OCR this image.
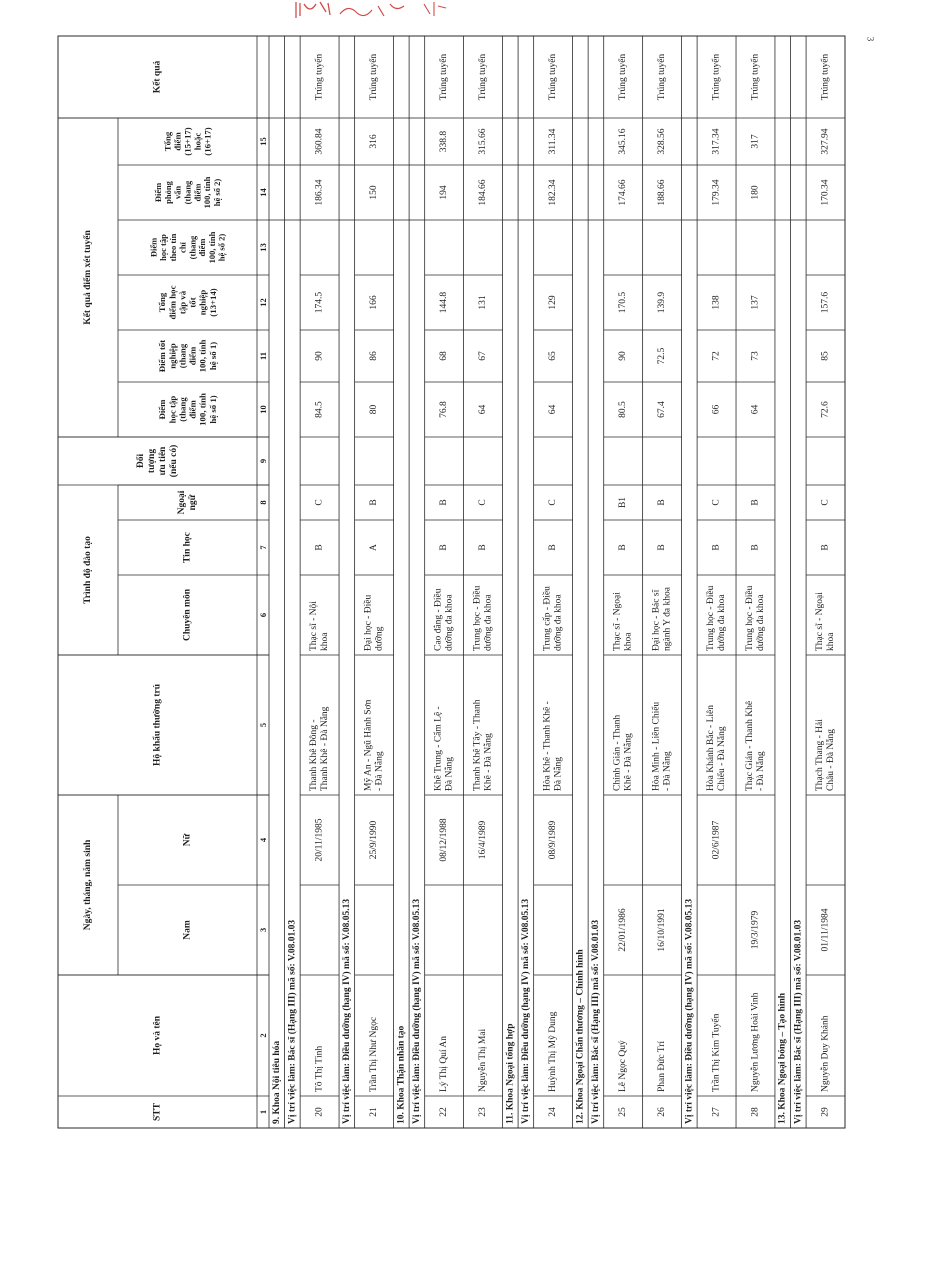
3
STT
Họ và tên
Ngày, tháng, năm sinh	Nam
Nữ
Hộ khẩu thường trú
Trình độ đào tạo
Chuyên môn
Tin học
Ngoại ngữ
Đối tượng ưu tiên (nếu có)
Kết quả điểm xét tuyển
Điểm học tập (thang điểm 100, tính hệ số 1)
Điểm tốt nghiệp (thang điểm 100, tính hệ số 1)
Tổng điểm học tập và tốt nghiệp (13+14)
Điểm học tập theo tín chỉ (thang điểm 100, tính hệ số 2)
Điểm phỏng vấn (thang điểm 100, tính hệ số 2)
Tổng điểm (15+17) hoặc (16+17)
Kết quả
1
2
3
4
5
6
7
8
9
10
11
12
13
14
15
9. Khoa Nội tiêu hóa Vị trí việc làm: Bác sĩ (Hạng III) mã số: V.08.01.03 20
Tô Thị Tình
20/11/1985
Thanh Khê Đông - Thanh Khê - Đà Nẵng
Thạc sĩ - Nội khoa
B
C
84.5
90
174.5
186.34
360.84
Trúng tuyển
Vị trí việc làm: Điều dưỡng (hạng IV) mã số: V.08.05.13 21
Trần Thị Như Ngọc
25/9/1990
Mỹ An - Ngũ Hành Sơn - Đà Nẵng
Đại học - Điều dưỡng
A
B
80
86
166
150
316
Trúng tuyển
10. Khoa Thận nhân tạo Vị trí việc làm: Điều dưỡng (hạng IV) mã số: V.08.05.13 22
Lý Thị Quí An
08/12/1988
Khê Trung - Cẩm Lệ - Đà Nẵng
Cao đẳng - Điều dưỡng đa khoa
B
B
76.8
68
144.8
194
338.8
Trúng tuyển
23
Nguyễn Thị Mai
16/4/1989
Thanh Khê Tây - Thanh Khê - Đà Nẵng
Trung học - Điều dưỡng đa khoa
B
C
64
67
131
184.66
315.66
Trúng tuyển
11. Khoa Ngoại tổng hợp Vị trí việc làm: Điều dưỡng (hạng IV) mã số: V.08.05.13 24
Huỳnh Thị Mỹ Dung
08/9/1989
Hòa Khê - Thanh Khê - Đà Nẵng
Trung cấp - Điều dưỡng đa khoa
B
C
64
65
129
182.34
311.34
Trúng tuyển
12. Khoa Ngoại Chấn thương – Chỉnh hình Vị trí việc làm: Bác sĩ (Hạng III) mã số: V.08.01.03 25
Lê Ngọc Quý
22/01/1986
Chính Gián - Thanh Khê - Đà Nẵng
Thạc sĩ - Ngoại khoa
B
B1
80.5
90
170.5
174.66
345.16
Trúng tuyển
26
Phan Đức Trí
16/10/1991
Hòa Minh - Liên Chiểu - Đà Nẵng
Đại học - Bác sĩ ngành Y đa khoa
B
B
67.4
72.5
139.9
188.66
328.56
Trúng tuyển
Vị trí việc làm: Điều dưỡng (hạng IV) mã số: V.08.05.13 27
Trần Thị Kim Tuyến
02/6/1987
Hòa Khánh Bắc - Liên Chiểu - Đà Nẵng
Trung học - Điều dưỡng đa khoa
B
C
66
72
138
179.34
317.34
Trúng tuyển
28
Nguyễn Lương Hoài Vinh
19/3/1979
Thạc Gián - Thanh Khê - Đà Nẵng
Trung học - Điều dưỡng đa khoa
B
B
64
73
137
180
317
Trúng tuyển
13. Khoa Ngoại bỏng – Tạo hình Vị trí việc làm: Bác sĩ (Hạng III) mã số: V.08.01.03 29
Nguyễn Duy Khánh
01/11/1984
Thạch Thang - Hải Châu - Đà Nẵng
Thạc sĩ - Ngoại khoa
B
C
72.6
85
157.6
170.34
327.94
Trúng tuyển
